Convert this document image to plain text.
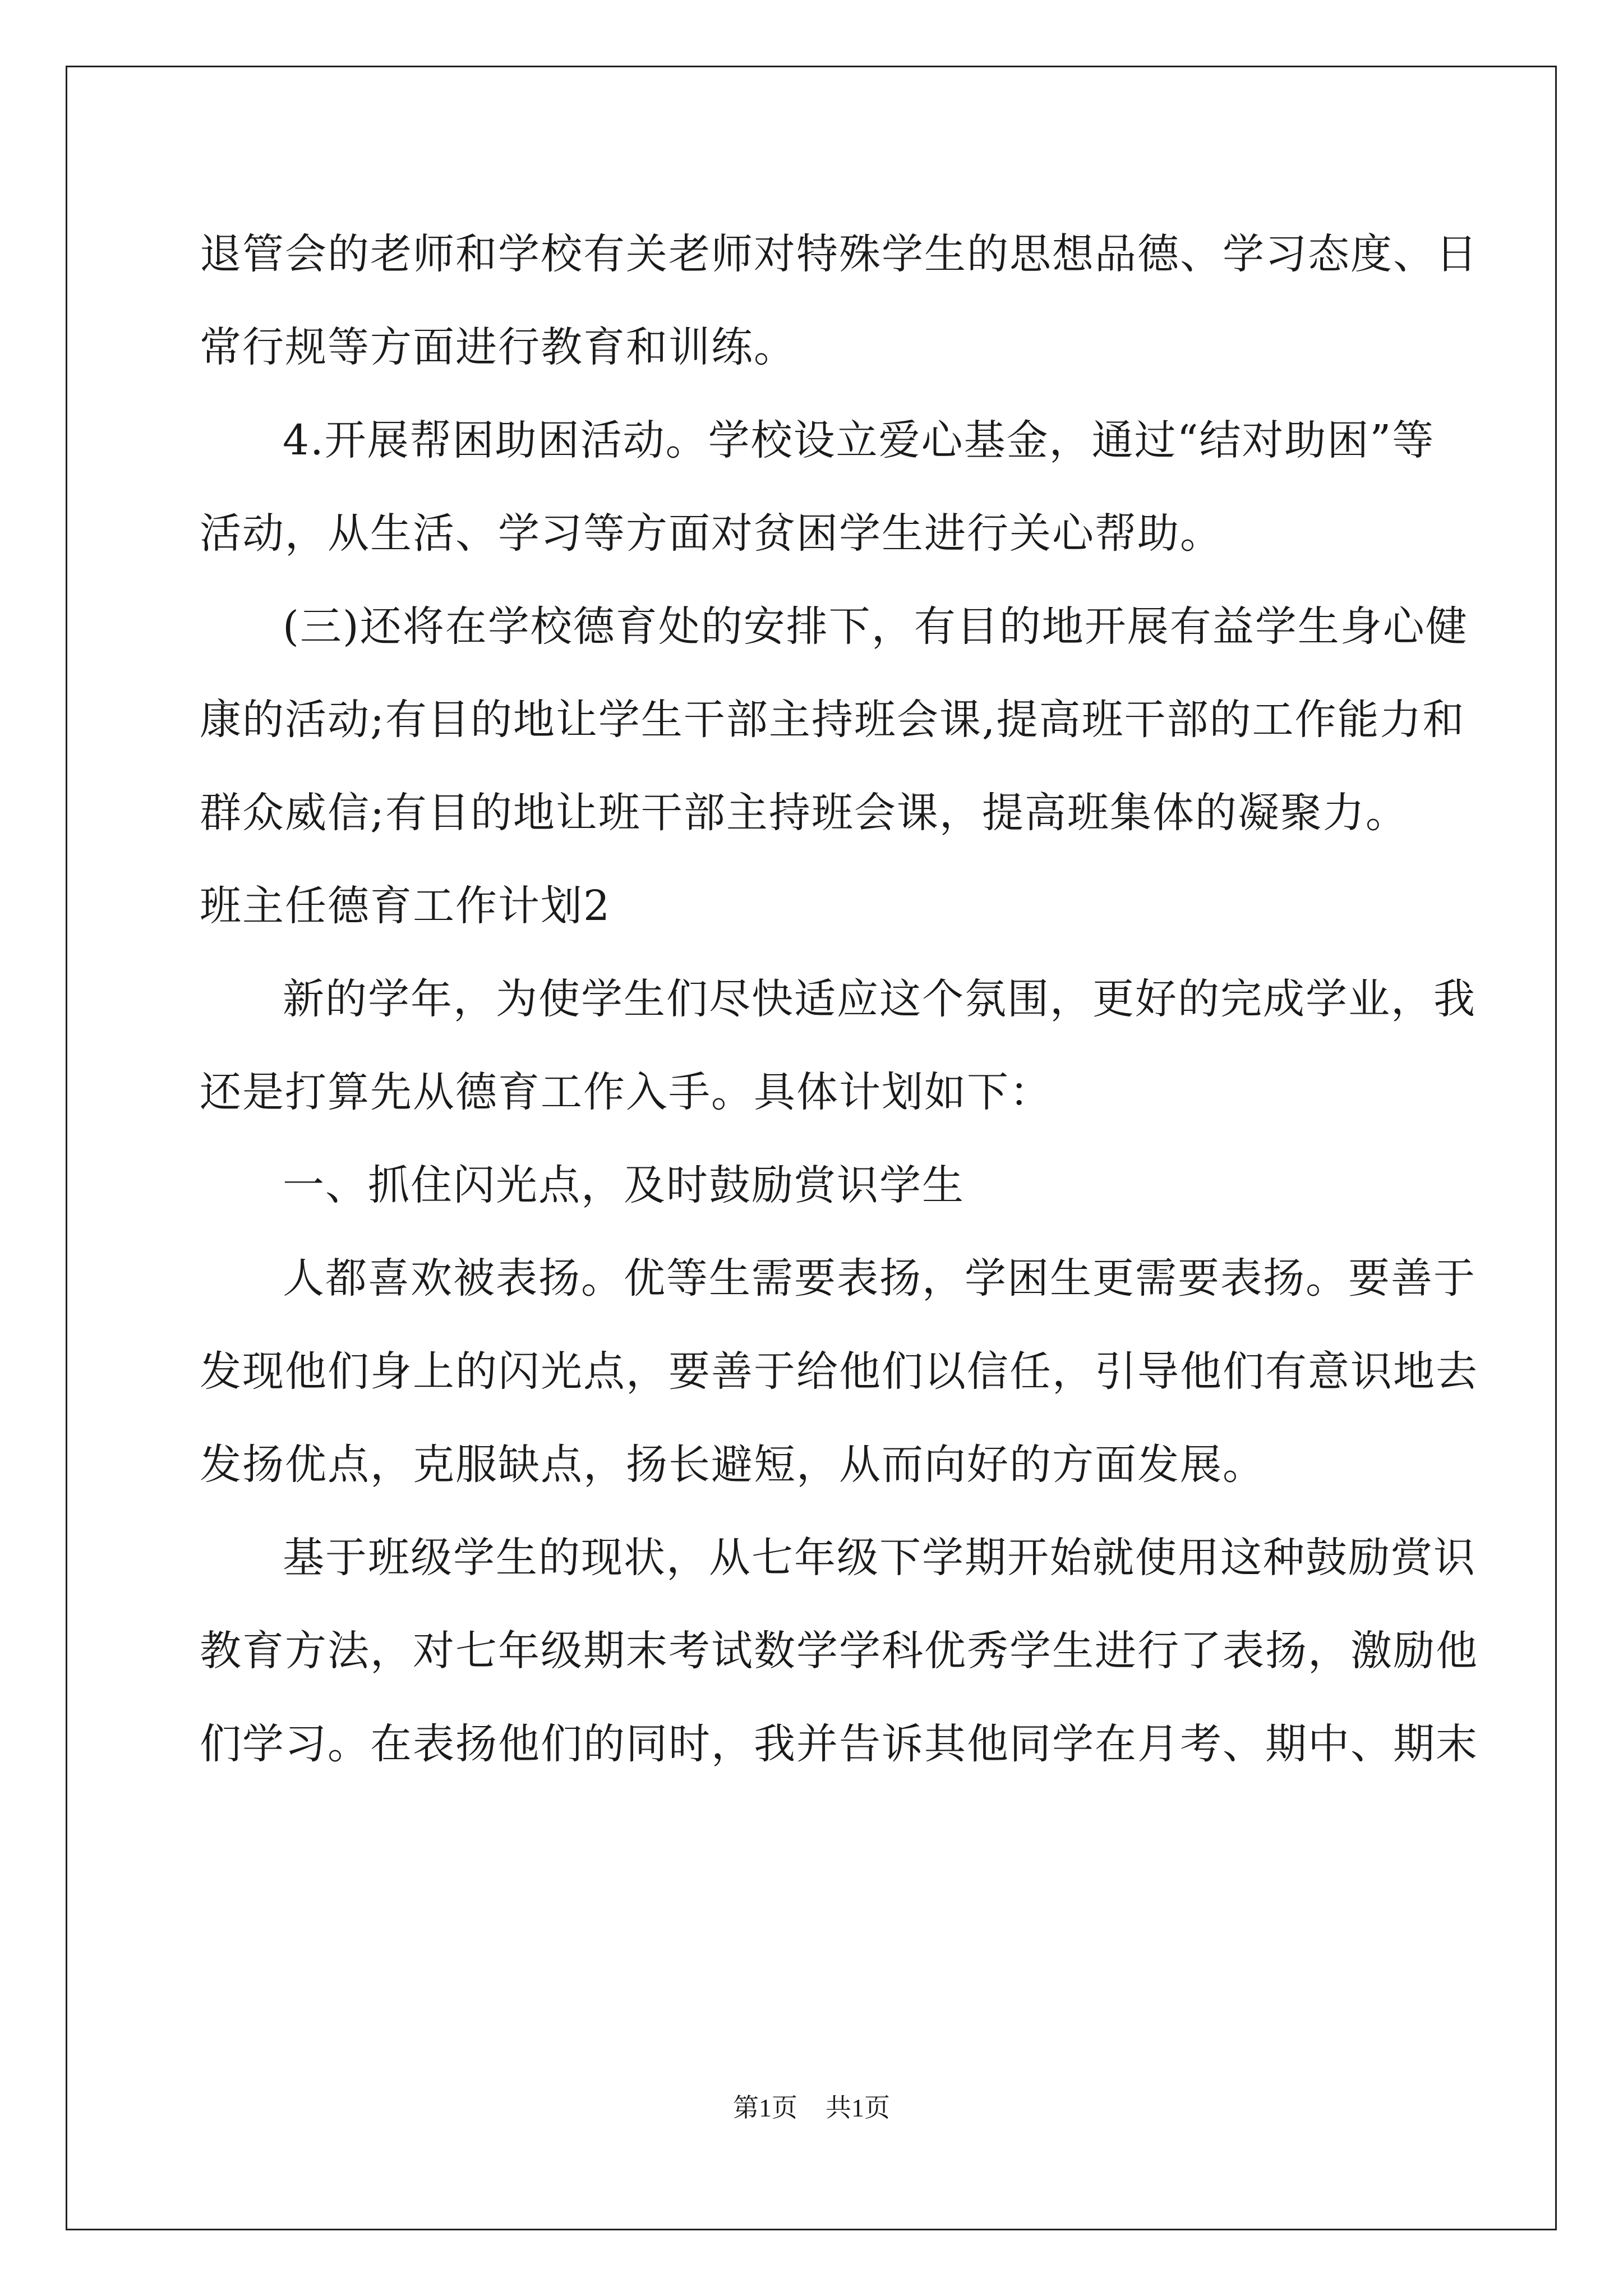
退管会的老师和学校有关老师对特殊学生的思想品德、学习态度、日
常行规等方面进行教育和训练。
4.开展帮困助困活动。学校设立爱心基金，通过“结对助困”等
活动，从生活、学习等方面对贫困学生进行关心帮助。
(三)还将在学校德育处的安排下，有目的地开展有益学生身心健
康的活动;有目的地让学生干部主持班会课,提高班干部的工作能力和
群众威信;有目的地让班干部主持班会课，提高班集体的凝聚力。
班主任德育工作计划2
新的学年，为使学生们尽快适应这个氛围，更好的完成学业，我
还是打算先从德育工作入手。具体计划如下：
一、抓住闪光点，及时鼓励赏识学生
人都喜欢被表扬。优等生需要表扬，学困生更需要表扬。要善于
发现他们身上的闪光点，要善于给他们以信任，引导他们有意识地去
发扬优点，克服缺点，扬长避短，从而向好的方面发展。
基于班级学生的现状，从七年级下学期开始就使用这种鼓励赏识
教育方法，对七年级期末考试数学学科优秀学生进行了表扬，激励他
们学习。在表扬他们的同时，我并告诉其他同学在月考、期中、期末
第1页 共1页
